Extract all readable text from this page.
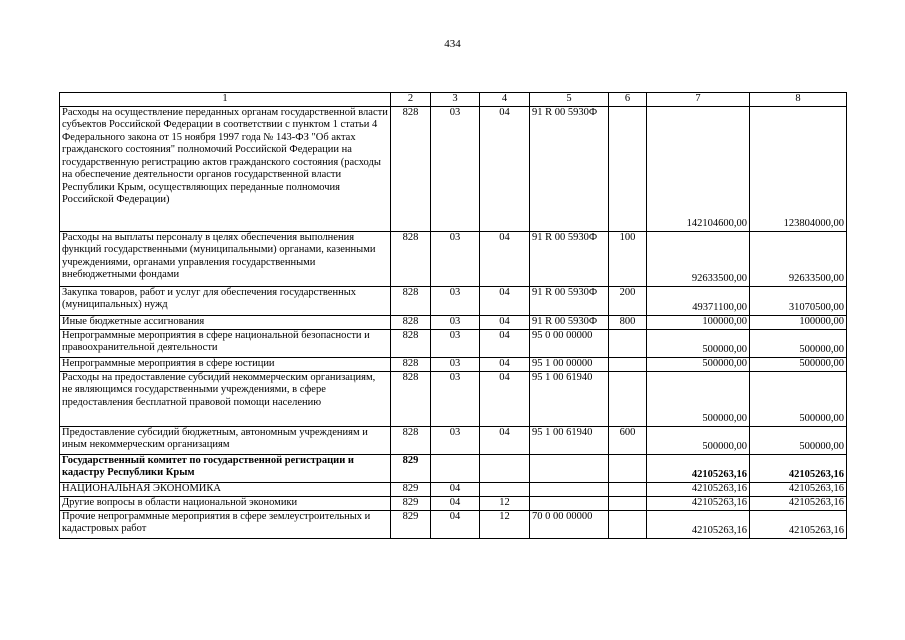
434
1	2	3	4	5	6	7	8
Расходы на осуществление переданных органам государственной власти субъектов Российской Федерации в соответствии с пунктом 1 статьи 4 Федерального закона от 15 ноября 1997 года № 143-ФЗ "Об актах гражданского состояния" полномочий Российской Федерации на государственную регистрацию актов гражданского состояния (расходы на обеспечение деятельности органов государственной власти Республики Крым, осуществляющих переданные полномочия Российской Федерации)	828	03	04	91 R 00 5930Ф		142104600,00	123804000,00
Расходы на выплаты персоналу в целях обеспечения выполнения функций государственными (муниципальными) органами, казенными учреждениями, органами управления государственными внебюджетными фондами	828	03	04	91 R 00 5930Ф	100	92633500,00	92633500,00
Закупка товаров, работ и услуг для обеспечения государственных (муниципальных) нужд	828	03	04	91 R 00 5930Ф	200	49371100,00	31070500,00
Иные бюджетные ассигнования	828	03	04	91 R 00 5930Ф	800	100000,00	100000,00
Непрограммные мероприятия в сфере национальной безопасности и правоохранительной деятельности	828	03	04	95 0 00 00000		500000,00	500000,00
Непрограммные мероприятия в сфере юстиции	828	03	04	95 1 00 00000		500000,00	500000,00
Расходы на предоставление субсидий некоммерческим организациям, не являющимся государственными учреждениями, в сфере предоставления бесплатной правовой помощи населению	828	03	04	95 1 00 61940		500000,00	500000,00
Предоставление субсидий бюджетным, автономным учреждениям и иным некоммерческим организациям	828	03	04	95 1 00 61940	600	500000,00	500000,00
Государственный комитет по государственной регистрации и кадастру Республики Крым	829					42105263,16	42105263,16
НАЦИОНАЛЬНАЯ ЭКОНОМИКА	829	04				42105263,16	42105263,16
Другие вопросы в области национальной экономики	829	04	12			42105263,16	42105263,16
Прочие непрограммные мероприятия в сфере землеустроительных и кадастровых работ	829	04	12	70 0 00 00000		42105263,16	42105263,16
